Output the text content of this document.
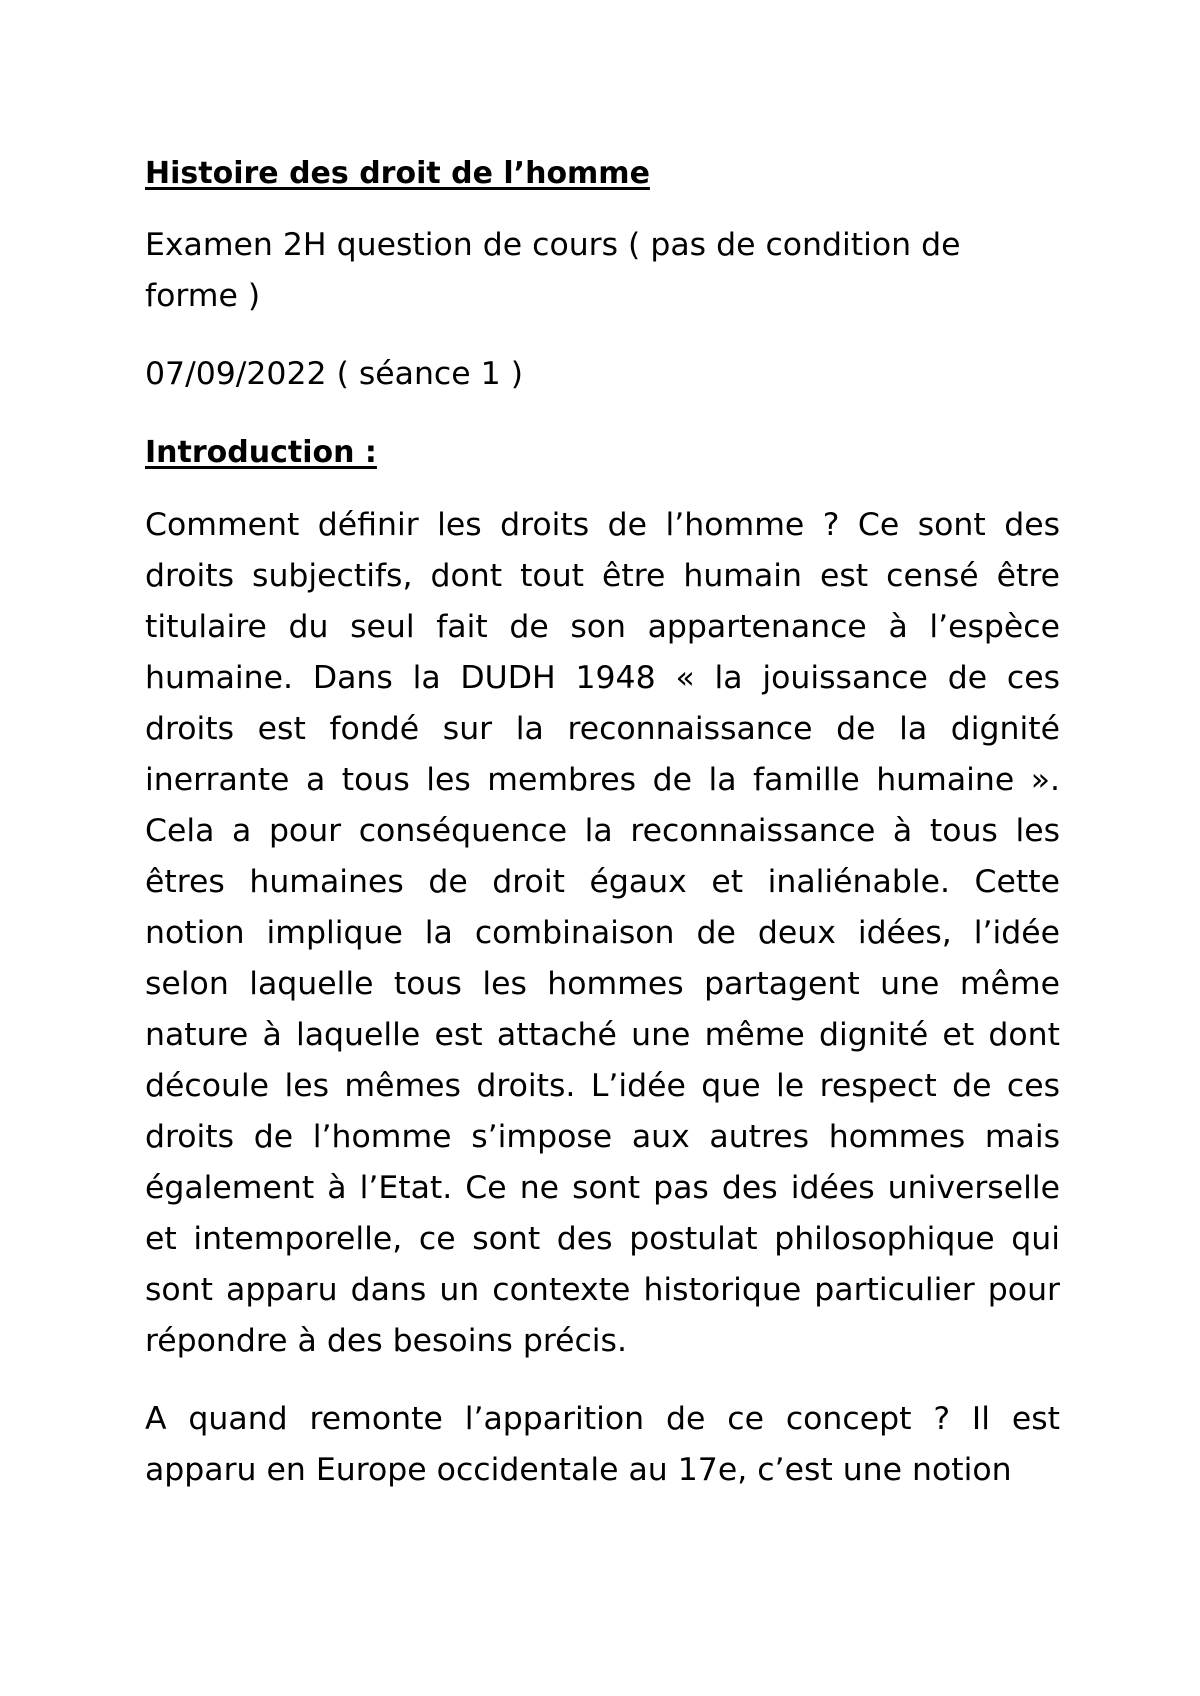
Histoire des droit de l’homme
Examen 2H question de cours ( pas de condition de forme )
07/09/2022 ( séance 1 )
Introduction :
Comment définir les droits de l’homme ? Ce sont des droits subjectifs, dont tout être humain est censé être titulaire du seul fait de son appartenance à l’espèce humaine. Dans la DUDH 1948 « la jouissance de ces droits est fondé sur la reconnaissance de la dignité inerrante a tous les membres de la famille humaine ». Cela a pour conséquence la reconnaissance à tous les êtres humaines de droit égaux et inaliénable. Cette notion implique la combinaison de deux idées, l’idée selon laquelle tous les hommes partagent une même nature à laquelle est attaché une même dignité et dont découle les mêmes droits. L’idée que le respect de ces droits de l’homme s’impose aux autres hommes mais également à l’Etat. Ce ne sont pas des idées universelle et intemporelle, ce sont des postulat philosophique qui sont apparu dans un contexte historique particulier pour répondre à des besoins précis.
A quand remonte l’apparition de ce concept ? Il est apparu en Europe occidentale au 17e, c’est une notion
